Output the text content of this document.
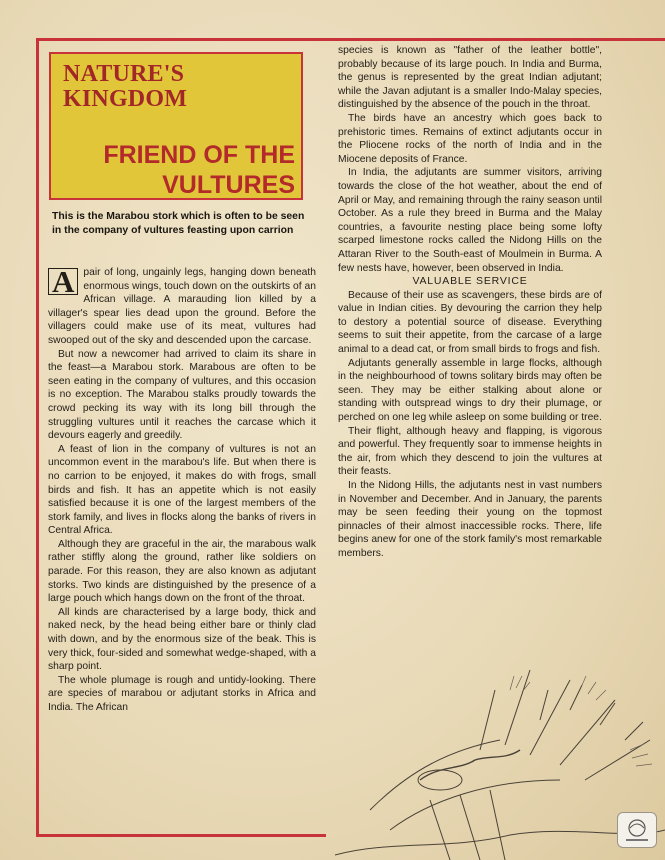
NATURE'S
KINGDOM
FRIEND OF THE VULTURES
This is the Marabou stork which is often to be seen in the company of vultures feasting upon carrion

A pair of long, ungainly legs, hanging down beneath enormous wings, touch down on the outskirts of an African village. A marauding lion killed by a villager's spear lies dead upon the ground. Before the villagers could make use of its meat, vultures had swooped out of the sky and descended upon the carcase.

But now a newcomer had arrived to claim its share in the feast—a Marabou stork. Marabous are often to be seen eating in the company of vultures, and this occasion is no exception. The Marabou stalks proudly towards the crowd pecking its way with its long bill through the struggling vultures until it reaches the carcase which it devours eagerly and greedily.

A feast of lion in the company of vultures is not an uncommon event in the marabou's life. But when there is no carrion to be enjoyed, it makes do with frogs, small birds and fish. It has an appetite which is not easily satisfied because it is one of the largest members of the stork family, and lives in flocks along the banks of rivers in Central Africa.

Although they are graceful in the air, the marabous walk rather stiffly along the ground, rather like soldiers on parade. For this reason, they are also known as adjutant storks. Two kinds are distinguished by the presence of a large pouch which hangs down on the front of the throat.

All kinds are characterised by a large body, thick and naked neck, by the head being either bare or thinly clad with down, and by the enormous size of the beak. This is very thick, four-sided and somewhat wedge-shaped, with a sharp point.

The whole plumage is rough and untidy-looking. There are species of marabou or adjutant storks in Africa and India. The African

species is known as "father of the leather bottle", probably because of its large pouch. In India and Burma, the genus is represented by the great Indian adjutant; while the Javan adjutant is a smaller Indo-Malay species, distinguished by the absence of the pouch in the throat.

The birds have an ancestry which goes back to prehistoric times. Remains of extinct adjutants occur in the Pliocene rocks of the north of India and in the Miocene deposits of France.

In India, the adjutants are summer visitors, arriving towards the close of the hot weather, about the end of April or May, and remaining through the rainy season until October. As a rule they breed in Burma and the Malay countries, a favourite nesting place being some lofty scarped limestone rocks called the Nidong Hills on the Attaran River to the South-east of Moulmein in Burma. A few nests have, however, been observed in India.

VALUABLE SERVICE

Because of their use as scavengers, these birds are of value in Indian cities. By devouring the carrion they help to destory a potential source of disease. Everything seems to suit their appetite, from the carcase of a large animal to a dead cat, or from small birds to frogs and fish.

Adjutants generally assemble in large flocks, although in the neighbourhood of towns solitary birds may often be seen. They may be either stalking about alone or standing with outspread wings to dry their plumage, or perched on one leg while asleep on some building or tree.

Their flight, although heavy and flapping, is vigorous and powerful. They frequently soar to immense heights in the air, from which they descend to join the vultures at their feasts.

In the Nidong Hills, the adjutants nest in vast numbers in November and December. And in January, the parents may be seen feeding their young on the topmost pinnacles of their almost inaccessible rocks. There, life begins anew for one of the stork family's most remarkable members.
